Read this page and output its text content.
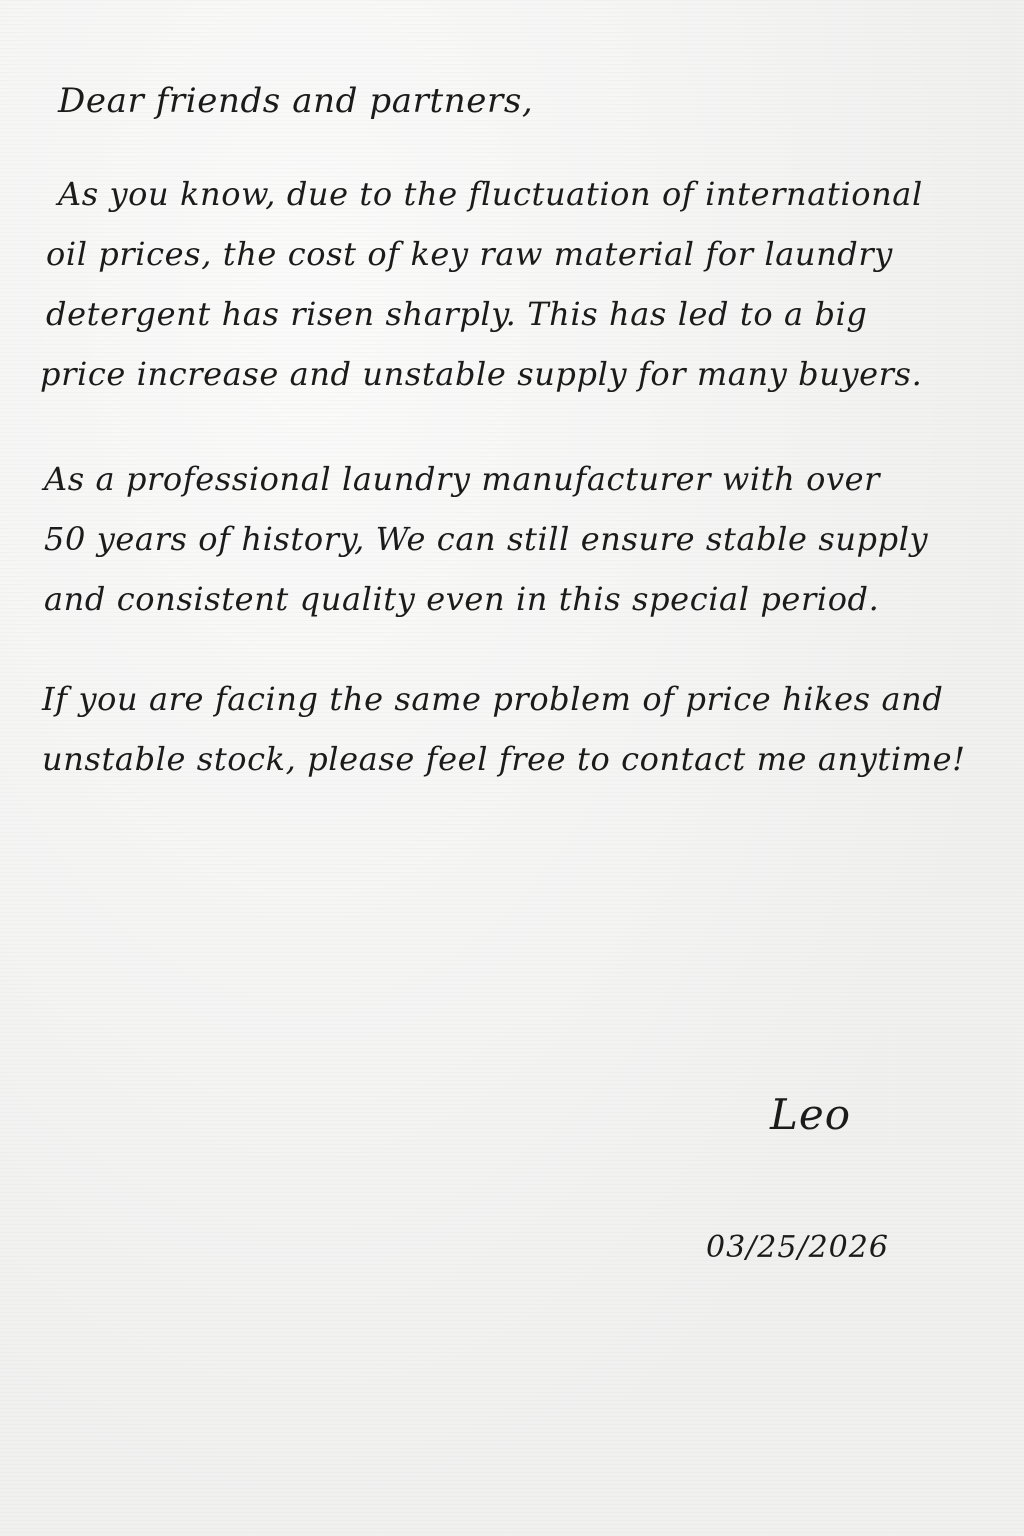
Dear friends and partners,
As you know, due to the fluctuation of international
oil prices, the cost of key raw material for laundry
detergent has risen sharply. This has led to a big
price increase and unstable supply for many buyers.
As a professional laundry manufacturer with over
50 years of history, We can still ensure stable supply
and consistent quality even in this special period.
If you are facing the same problem of price hikes and
unstable stock, please feel free to contact me anytime!
Leo
03/25/2026
